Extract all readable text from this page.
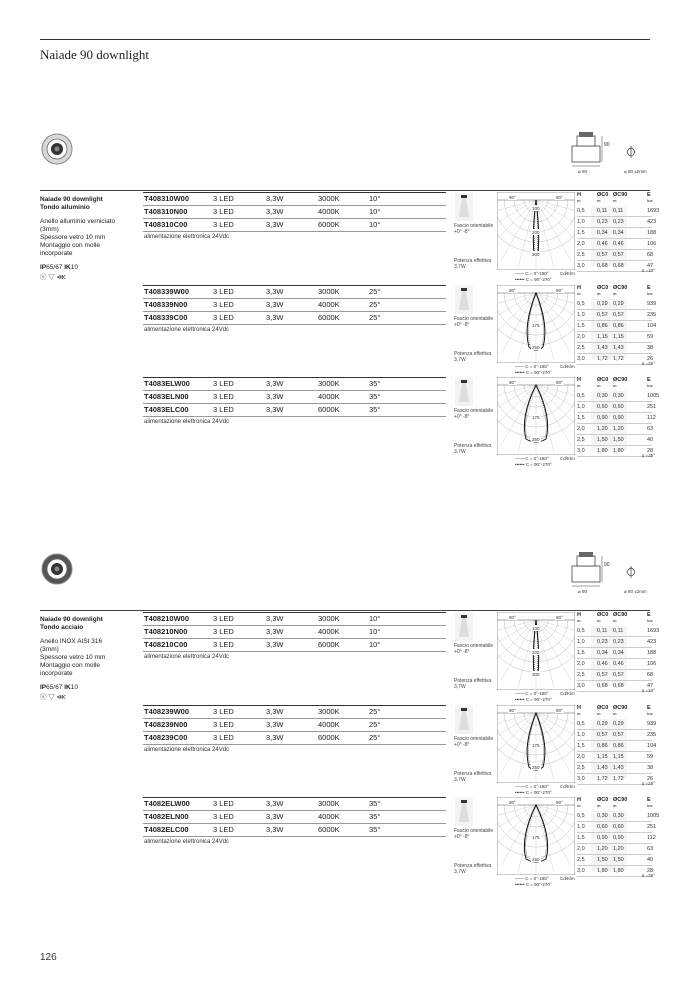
Naiade 90 downlight
90
⌀ 90	⌀ 80 ±2mm
Naiade 90 downlight
Tondo alluminio
Anello alluminio verniciato
(3mm)
Spessore vetro 10 mm
Montaggio con molle
incorporate
IP65/67 IK10
ⓢ ▽ ⋘
T408310W00	3 LED	3,3W	3000K	10°
T408310N00	3 LED	3,3W	4000K	10°
T408310C00	3 LED	3,3W	6000K	10°
alimentazione elettronica 24Vdc
Fascio orientabile
+0° -8°
Potenza effettiva
3,7W
90°	90°
100
200
300
—— C = 0°-180°
•••••• C = 90°-270°
Cd/Klm
H	ØC0 ØC90	E
m	m	m	lux
0,5 0,11 0,11	1693
1,0 0,23 0,23	423
1,5 0,34 0,34	188
2,0 0,46 0,46	106
2,5 0,57 0,57	68
3,0 0,68 0,68	47
α =10°
T408339W00	3 LED	3,3W	3000K	25°
T408339N00	3 LED	3,3W	4000K	25°
T408339C00	3 LED	3,3W	6000K	25°
alimentazione elettronica 24Vdc
Fascio orientabile
+0° -8°
Potenza effettiva
3,7W
90°	90°
175
250
—— C = 0°-180°
•••••• C = 90°-270°
Cd/Klm
H	ØC0 ØC90	E
m	m	m	lux
0,5 0,29 0,29	939
1,0 0,57 0,57	235
1,5 0,86 0,86	104
2,0 1,15 1,15	59
2,5 1,43 1,43	38
3,0 1,72 1,72	26
α =25°
T4083ELW00	3 LED	3,3W	3000K	35°
T4083ELN00	3 LED	3,3W	4000K	35°
T4083ELC00	3 LED	3,3W	6000K	35°
alimentazione elettronica 24Vdc
Fascio orientabile
+0° -8°
Potenza effettiva
3,7W
90°	90°
175
250
—— C = 0°-180°
•••••• C = 90°-270°
Cd/Klm
H	ØC0 ØC90	E
m	m	m	lux
0,5 0,30 0,30	1005
1,0 0,60 0,60	251
1,5 0,90 0,90	112
2,0 1,20 1,20	63
2,5 1,50 1,50	40
3,0 1,80 1,80	28
α =35°
90
⌀ 90	⌀ 80 ±2mm
Naiade 90 downlight
Tondo acciaio
Anello INOX AISI 316
(3mm)
Spessore vetro 10 mm
Montaggio con molle
incorporate
IP65/67 IK10
ⓢ ▽ ⋘
T408210W00	3 LED	3,3W	3000K	10°
T408210N00	3 LED	3,3W	4000K	10°
T408210C00	3 LED	3,3W	6000K	10°
alimentazione elettronica 24Vdc
Fascio orientabile
+0° -8°
Potenza effettiva
3,7W
90°	90°
100
200
300
—— C = 0°-180°
•••••• C = 90°-270°
Cd/Klm
H	ØC0 ØC90	E
m	m	m	lux
0,5 0,11 0,11	1693
1,0 0,23 0,23	423
1,5 0,34 0,34	188
2,0 0,46 0,46	106
2,5 0,57 0,57	68
3,0 0,68 0,68	47
α =10°
T408239W00	3 LED	3,3W	3000K	25°
T408239N00	3 LED	3,3W	4000K	25°
T408239C00	3 LED	3,3W	6000K	25°
alimentazione elettronica 24Vdc
Fascio orientabile
+0° -8°
Potenza effettiva
3,7W
90°	90°
175
250
—— C = 0°-180°
•••••• C = 90°-270°
Cd/Klm
H	ØC0 ØC90	E
m	m	m	lux
0,5 0,29 0,29	939
1,0 0,57 0,57	235
1,5 0,86 0,86	104
2,0 1,15 1,15	59
2,5 1,43 1,43	38
3,0 1,72 1,72	26
α =25°
T4082ELW00	3 LED	3,3W	3000K	35°
T4082ELN00	3 LED	3,3W	4000K	35°
T4082ELC00	3 LED	3,3W	6000K	35°
alimentazione elettronica 24Vdc
Fascio orientabile
+0° -8°
Potenza effettiva
3,7W
90°	90°
175
250
—— C = 0°-180°
•••••• C = 90°-270°
Cd/Klm
H	ØC0 ØC90	E
m	m	m	lux
0,5 0,30 0,30	1005
1,0 0,60 0,60	251
1,5 0,90 0,90	112
2,0 1,20 1,20	63
2,5 1,50 1,50	40
3,0 1,80 1,80	28
α =35°
126
